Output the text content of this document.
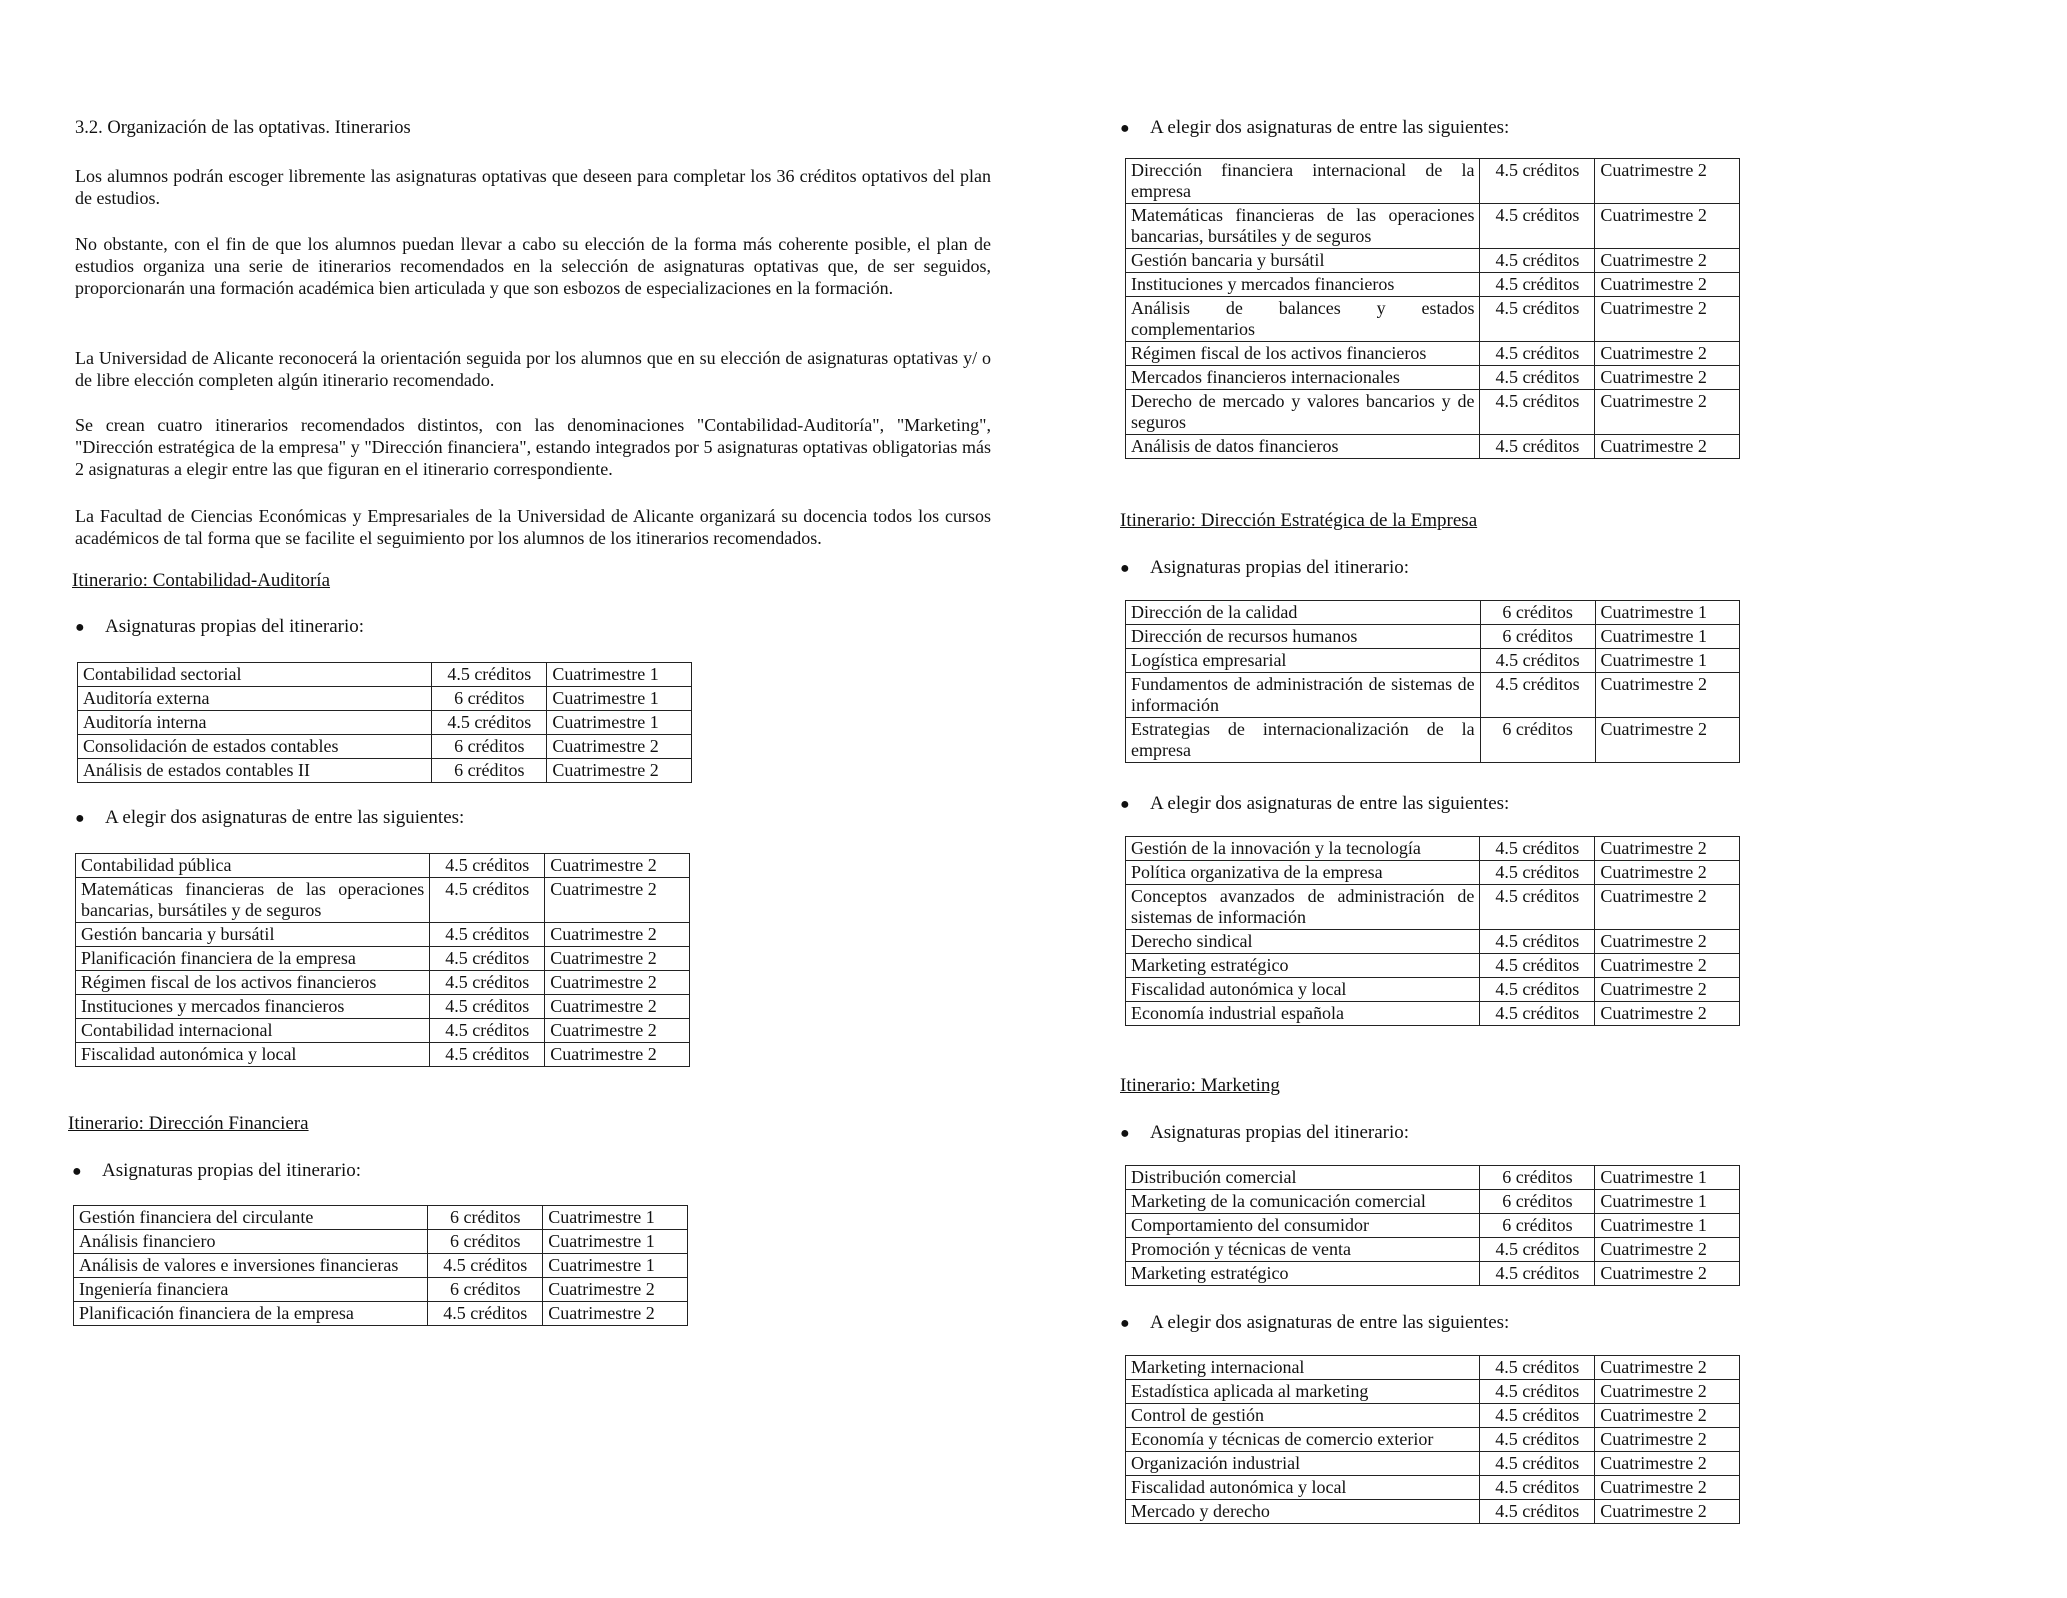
3.2. Organización de las optativas. Itinerarios

Los alumnos podrán escoger libremente las asignaturas optativas que deseen para completar los 36 créditos optativos del plan de estudios.

No obstante, con el fin de que los alumnos puedan llevar a cabo su elección de la forma más coherente posible, el plan de estudios organiza una serie de itinerarios recomendados en la selección de asignaturas optativas que, de ser seguidos, proporcionarán una formación académica bien articulada y que son esbozos de especializaciones en la formación.

La Universidad de Alicante reconocerá la orientación seguida por los alumnos que en su elección de asignaturas optativas y/ o de libre elección completen algún itinerario recomendado.

Se crean cuatro itinerarios recomendados distintos, con las denominaciones "Contabilidad-Auditoría", "Marketing", "Dirección estratégica de la empresa" y "Dirección financiera", estando integrados por 5 asignaturas optativas obligatorias más 2 asignaturas a elegir entre las que figuran en el itinerario correspondiente.

La Facultad de Ciencias Económicas y Empresariales de la Universidad de Alicante organizará su docencia todos los cursos académicos de tal forma que se facilite el seguimiento por los alumnos de los itinerarios recomendados.

Itinerario: Contabilidad-Auditoría
● Asignaturas propias del itinerario:
Contabilidad sectorial	4.5 créditos	Cuatrimestre 1
Auditoría externa	6 créditos	Cuatrimestre 1
Auditoría interna	4.5 créditos	Cuatrimestre 1
Consolidación de estados contables	6 créditos	Cuatrimestre 2
Análisis de estados contables II	6 créditos	Cuatrimestre 2
● A elegir dos asignaturas de entre las siguientes:
Contabilidad pública	4.5 créditos	Cuatrimestre 2
Matemáticas financieras de las operaciones bancarias, bursátiles y de seguros	4.5 créditos	Cuatrimestre 2
Gestión bancaria y bursátil	4.5 créditos	Cuatrimestre 2
Planificación financiera de la empresa	4.5 créditos	Cuatrimestre 2
Régimen fiscal de los activos financieros	4.5 créditos	Cuatrimestre 2
Instituciones y mercados financieros	4.5 créditos	Cuatrimestre 2
Contabilidad internacional	4.5 créditos	Cuatrimestre 2
Fiscalidad autonómica y local	4.5 créditos	Cuatrimestre 2
Itinerario: Dirección Financiera
● Asignaturas propias del itinerario:
Gestión financiera del circulante	6 créditos	Cuatrimestre 1
Análisis financiero	6 créditos	Cuatrimestre 1
Análisis de valores e inversiones financieras	4.5 créditos	Cuatrimestre 1
Ingeniería financiera	6 créditos	Cuatrimestre 2
Planificación financiera de la empresa	4.5 créditos	Cuatrimestre 2
● A elegir dos asignaturas de entre las siguientes:
Dirección financiera internacional de la empresa	4.5 créditos	Cuatrimestre 2
Matemáticas financieras de las operaciones bancarias, bursátiles y de seguros	4.5 créditos	Cuatrimestre 2
Gestión bancaria y bursátil	4.5 créditos	Cuatrimestre 2
Instituciones y mercados financieros	4.5 créditos	Cuatrimestre 2
Análisis de balances y estados complementarios	4.5 créditos	Cuatrimestre 2
Régimen fiscal de los activos financieros	4.5 créditos	Cuatrimestre 2
Mercados financieros internacionales	4.5 créditos	Cuatrimestre 2
Derecho de mercado y valores bancarios y de seguros	4.5 créditos	Cuatrimestre 2
Análisis de datos financieros	4.5 créditos	Cuatrimestre 2
Itinerario: Dirección Estratégica de la Empresa
● Asignaturas propias del itinerario:
Dirección de la calidad	6 créditos	Cuatrimestre 1
Dirección de recursos humanos	6 créditos	Cuatrimestre 1
Logística empresarial	4.5 créditos	Cuatrimestre 1
Fundamentos de administración de sistemas de información	4.5 créditos	Cuatrimestre 2
Estrategias de internacionalización de la empresa	6 créditos	Cuatrimestre 2
● A elegir dos asignaturas de entre las siguientes:
Gestión de la innovación y la tecnología	4.5 créditos	Cuatrimestre 2
Política organizativa de la empresa	4.5 créditos	Cuatrimestre 2
Conceptos avanzados de administración de sistemas de información	4.5 créditos	Cuatrimestre 2
Derecho sindical	4.5 créditos	Cuatrimestre 2
Marketing estratégico	4.5 créditos	Cuatrimestre 2
Fiscalidad autonómica y local	4.5 créditos	Cuatrimestre 2
Economía industrial española	4.5 créditos	Cuatrimestre 2
Itinerario: Marketing
● Asignaturas propias del itinerario:
Distribución comercial	6 créditos	Cuatrimestre 1
Marketing de la comunicación comercial	6 créditos	Cuatrimestre 1
Comportamiento del consumidor	6 créditos	Cuatrimestre 1
Promoción y técnicas de venta	4.5 créditos	Cuatrimestre 2
Marketing estratégico	4.5 créditos	Cuatrimestre 2
● A elegir dos asignaturas de entre las siguientes:
Marketing internacional	4.5 créditos	Cuatrimestre 2
Estadística aplicada al marketing	4.5 créditos	Cuatrimestre 2
Control de gestión	4.5 créditos	Cuatrimestre 2
Economía y técnicas de comercio exterior	4.5 créditos	Cuatrimestre 2
Organización industrial	4.5 créditos	Cuatrimestre 2
Fiscalidad autonómica y local	4.5 créditos	Cuatrimestre 2
Mercado y derecho	4.5 créditos	Cuatrimestre 2
